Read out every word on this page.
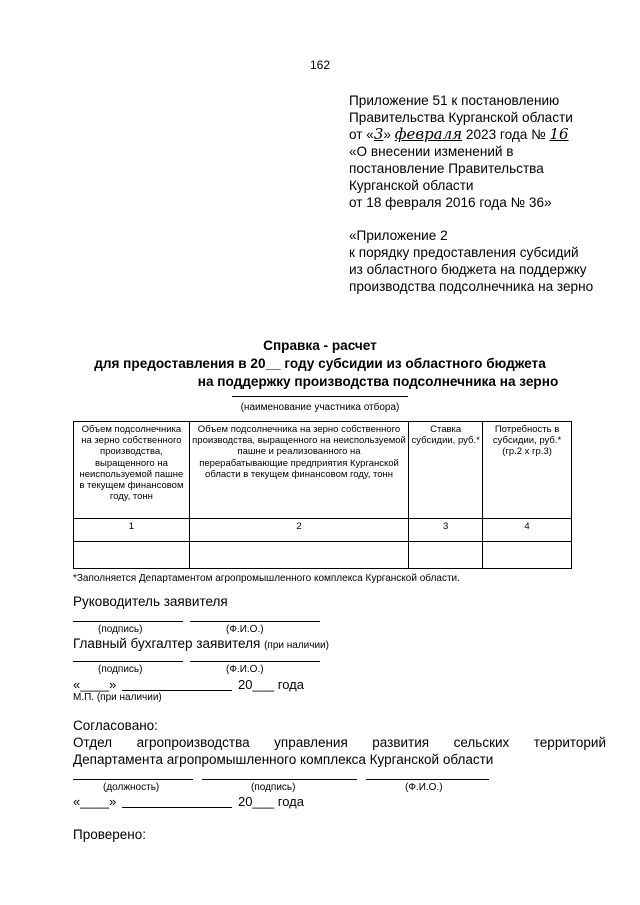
162

Приложение 51 к постановлению

Правительства Курганской области

от «3» февраля 2023 года № 16

«О внесении изменений в

постановление Правительства

Курганской области

от 18 февраля 2016 года № 36»

«Приложение 2

к порядку предоставления субсидий

из областного бюджета на поддержку

производства подсолнечника на зерно

Справка - расчет
для предоставления в 20__ году субсидии из областного бюджета
на поддержку производства подсолнечника на зерно
(наименование участника отбора)
Объем подсолнечника на зерно собственного производства, выращенного на неиспользуемой пашне в текущем финансовом году, тонн	Объем подсолнечника на зерно собственного производства, выращенного на неиспользуемой пашне и реализованного на перерабатывающие предприятия Курганской области в текущем финансовом году, тонн	Ставка субсидии, руб.*	Потребность в субсидии, руб.* (гр.2 x гр.3)
1	2	3	4

*Заполняется Департаментом агропромышленного комплекса Курганской области.
Руководитель заявителя
(подпись)	(Ф.И.О.)
Главный бухгалтер заявителя (при наличии)
(подпись)	(Ф.И.О.)
«____»	20___ года
М.П. (при наличии)
Согласовано:
Отдел агропроизводства управления развития сельских территорий
Департамента агропромышленного комплекса Курганской области
(должность)	(подпись)	(Ф.И.О.)
«____»	20___ года
Проверено:
